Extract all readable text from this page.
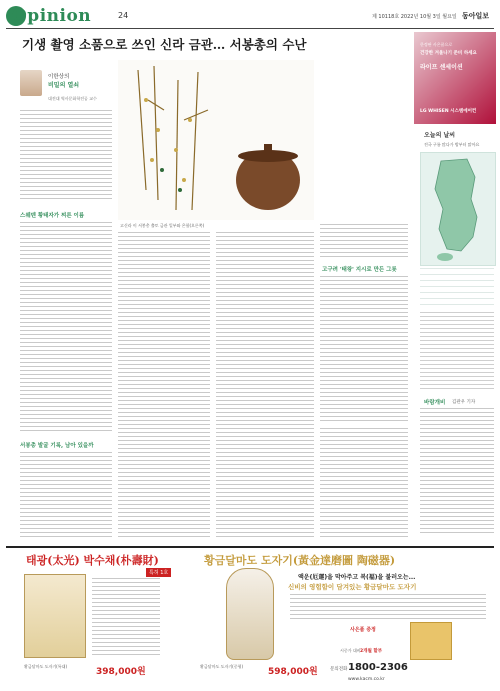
Opinion	24	제 10118호 2022년 10월 3일 월요일 동아일보
기생 촬영 소품으로 쓰인 신라 금관… 서봉총의 수난
이한상의
비밀의 열쇠
대전대 역사문화학전공 교수
스웨덴 황태자가 찌른 이름
서봉총 발굴 기록, 남아 있을까
고신라 이 서봉총 출토 금관 일부와 은합(오른쪽)
고구려 '태왕' 지시로 만든 그릇
한정판 사은품으로
건강한 겨울나기 준비 하세요
라이프 센세이션
LG WHISEN 시스템에어컨
오늘의 날씨
전국 구름 많다가 밤부터 맑아요
바람개비 김관우 기자
태광(太光) 박수채(朴壽財)	황금달마도 도자기(黃金達磨圖 陶磁器)
특허 1호
액운(厄運)을 막아주고 복(福)을 불러오는...
신비의 영험함이 담겨있는 황금달마도 도자기
사은품 증정
시중가 대비 2개월 할부
황금달마도 도자기(특대)
398,000원
황금달마도 도자기(중형)
598,000원	문의전화 1800-2306
www.kacm.co.kr
